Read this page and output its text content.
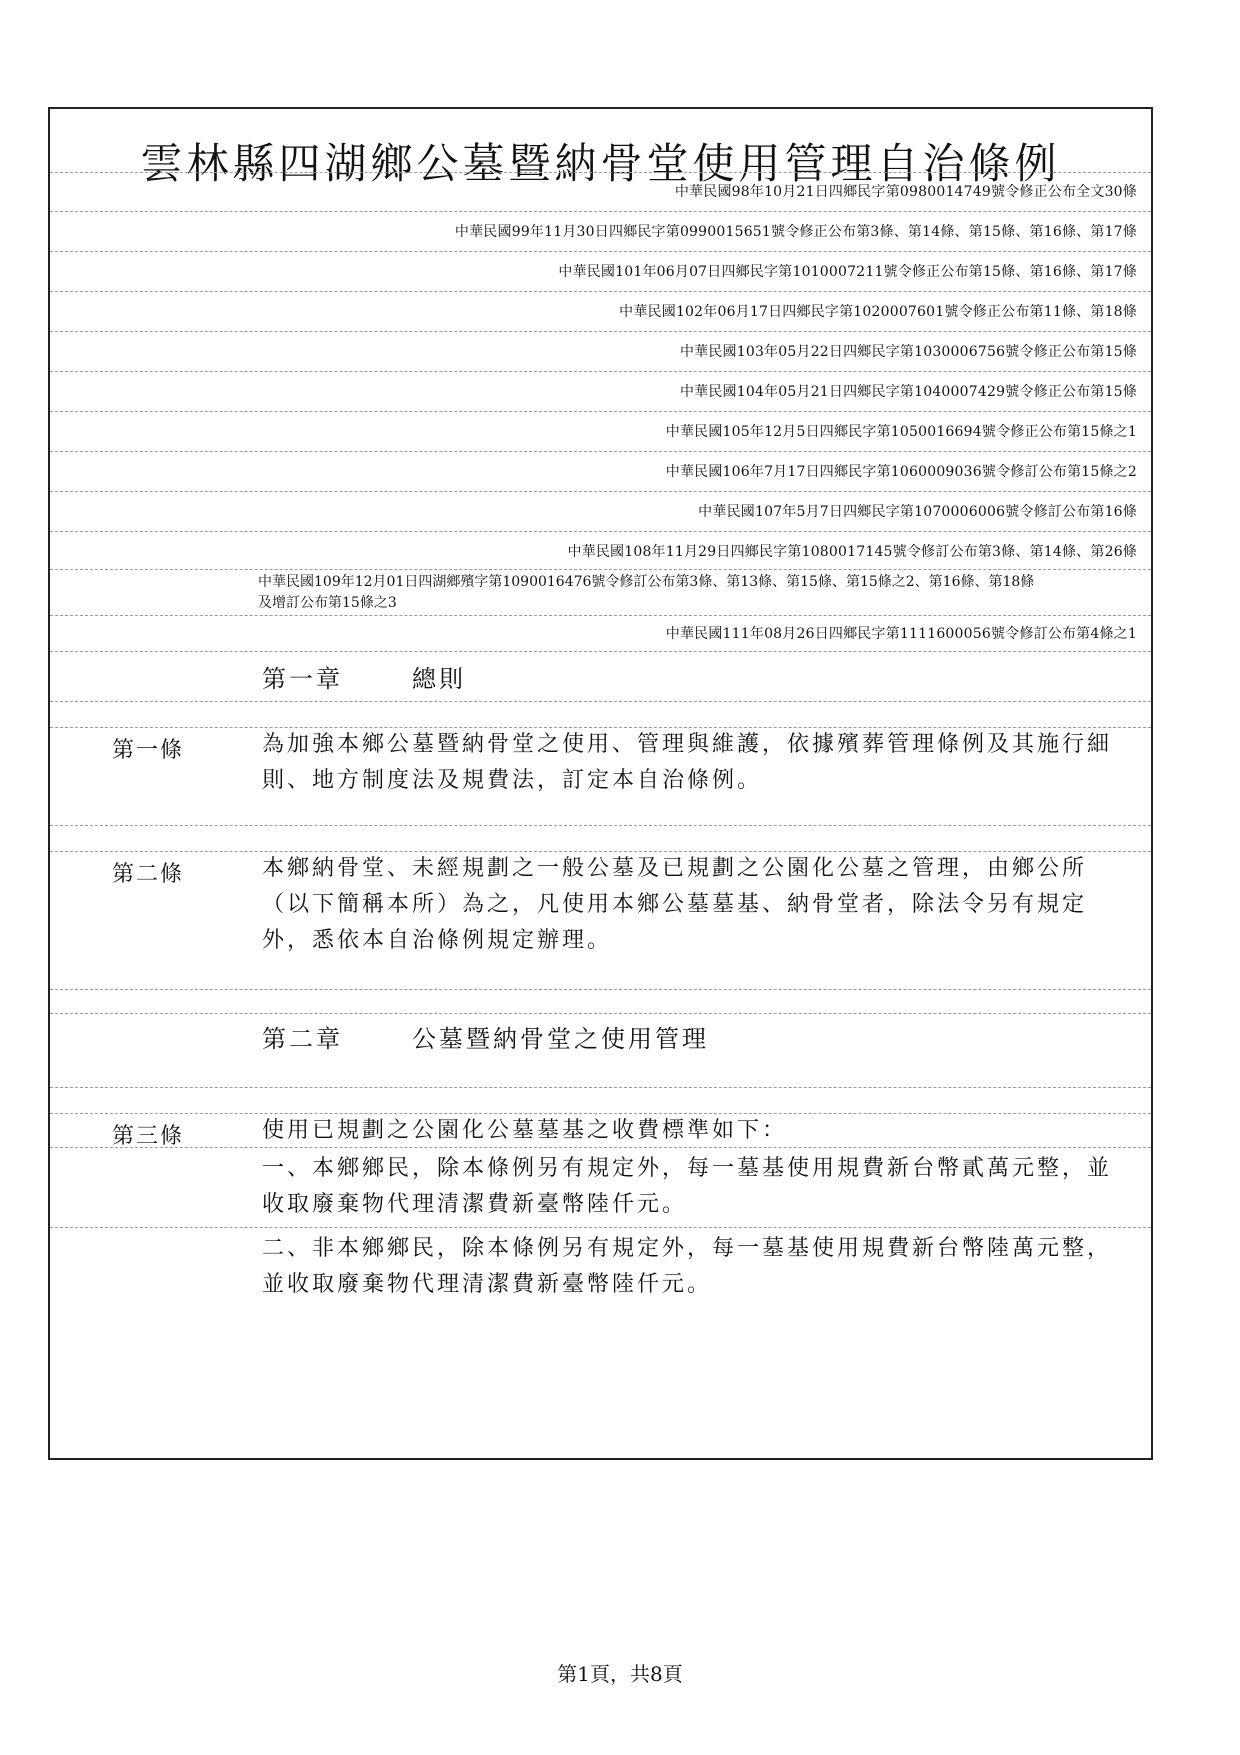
雲林縣四湖鄉公墓暨納骨堂使用管理自治條例
中華民國98年10月21日四鄉民字第0980014749號令修正公布全文30條
中華民國99年11月30日四鄉民字第0990015651號令修正公布第3條、第14條、第15條、第16條、第17條
中華民國101年06月07日四鄉民字第1010007211號令修正公布第15條、第16條、第17條
中華民國102年06月17日四鄉民字第1020007601號令修正公布第11條、第18條
中華民國103年05月22日四鄉民字第1030006756號令修正公布第15條
中華民國104年05月21日四鄉民字第1040007429號令修正公布第15條
中華民國105年12月5日四鄉民字第1050016694號令修正公布第15條之1
中華民國106年7月17日四鄉民字第1060009036號令修訂公布第15條之2
中華民國107年5月7日四鄉民字第1070006006號令修訂公布第16條
中華民國108年11月29日四鄉民字第1080017145號令修訂公布第3條、第14條、第26條
中華民國109年12月01日四湖鄉殯字第1090016476號令修訂公布第3條、第13條、第15條、第15條之2、第16條、第18條
及增訂公布第15條之3
中華民國111年08月26日四鄉民字第1111600056號令修訂公布第4條之1
第一章	總則
第一條	為加強本鄉公墓暨納骨堂之使用、管理與維護，依據殯葬管理條例及其施行細則、地方制度法及規費法，訂定本自治條例。
第二條	本鄉納骨堂、未經規劃之一般公墓及已規劃之公園化公墓之管理，由鄉公所（以下簡稱本所）為之，凡使用本鄉公墓墓基、納骨堂者，除法令另有規定外，悉依本自治條例規定辦理。
第二章	公墓暨納骨堂之使用管理
第三條	使用已規劃之公園化公墓墓基之收費標準如下：
一、本鄉鄉民，除本條例另有規定外，每一墓基使用規費新台幣貳萬元整，並收取廢棄物代理清潔費新臺幣陸仟元。
二、非本鄉鄉民，除本條例另有規定外，每一墓基使用規費新台幣陸萬元整，並收取廢棄物代理清潔費新臺幣陸仟元。
第1頁，共8頁
